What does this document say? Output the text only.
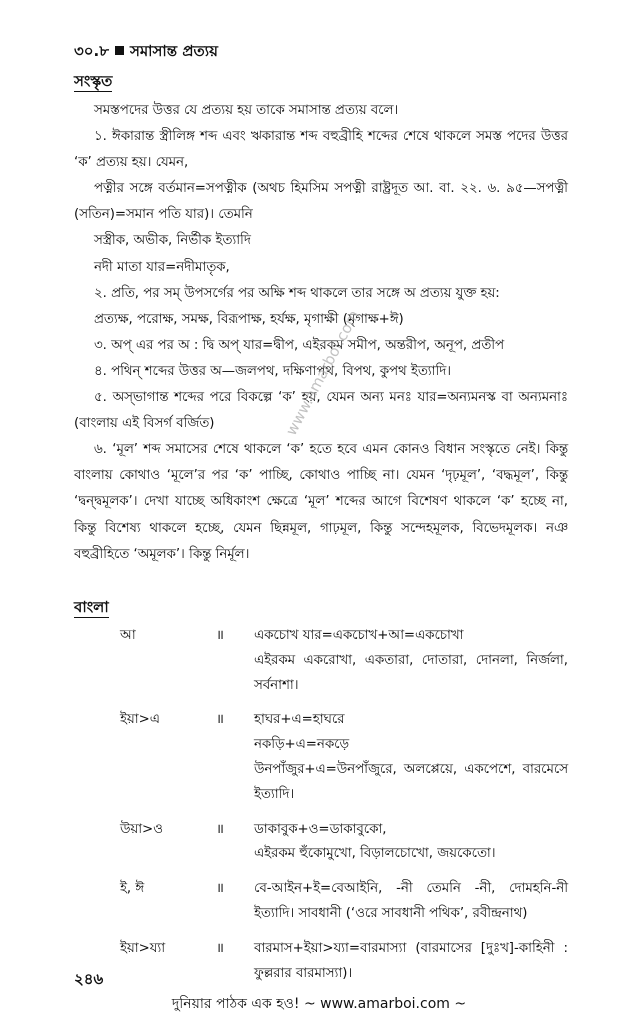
৩০.৮ সমাসান্ত প্রত্যয়
সংস্কৃত

সমস্তপদের উত্তর যে প্রত্যয় হয় তাকে সমাসান্ত প্রত্যয় বলে।

১. ঈকারান্ত স্ত্রীলিঙ্গ শব্দ এবং ঋকারান্ত শব্দ বহুব্রীহি শব্দের শেষে থাকলে সমস্ত পদের উত্তর ‘ক’ প্রত্যয় হয়। যেমন,

পত্নীর সঙ্গে বর্তমান=সপত্নীক (অথচ হিমসিম সপত্নী রাষ্ট্রদূত আ. বা. ২২. ৬. ৯৫—সপত্নী (সতিন)=সমান পতি যার)। তেমনি

সস্ত্রীক, অভীক, নির্ভীক ইত্যাদি

নদী মাতা যার=নদীমাতৃক,

২. প্রতি, পর সম্ উপসর্গের পর অক্ষি শব্দ থাকলে তার সঙ্গে অ প্রত্যয় যুক্ত হয়:

প্রত্যক্ষ, পরোক্ষ, সমক্ষ, বিরূপাক্ষ, হর্যক্ষ, মৃগাক্ষী (মৃগাক্ষ+ঈ)

৩. অপ্ এর পর অ : দ্বি অপ্ যার=দ্বীপ, এইরকম সমীপ, অন্তরীপ, অনূপ, প্রতীপ

৪. পথিন্ শব্দের উত্তর অ—জলপথ, দক্ষিণাপথ, বিপথ, কুপথ ইত্যাদি।

৫. অস্ভাগান্ত শব্দের পরে বিকল্পে ‘ক’ হয়, যেমন অন্য মনঃ যার=অন্যমনস্ক বা অন্যমনাঃ (বাংলায় এই বিসর্গ বর্জিত)

৬. ‘মূল’ শব্দ সমাসের শেষে থাকলে ‘ক’ হতে হবে এমন কোনও বিধান সংস্কৃতে নেই। কিন্তু বাংলায় কোথাও ‘মূলে’র পর ‘ক’ পাচ্ছি, কোথাও পাচ্ছি না। যেমন ‘দৃঢ়মূল’, ‘বদ্ধমূল’, কিন্তু ‘দ্বন্দ্বমূলক’। দেখা যাচ্ছে অধিকাংশ ক্ষেত্রে ‘মূল’ শব্দের আগে বিশেষণ থাকলে ‘ক’ হচ্ছে না, কিন্তু বিশেষ্য থাকলে হচ্ছে, যেমন ছিন্নমূল, গাঢ়মূল, কিন্তু সন্দেহমূলক, বিভেদমূলক। নঞ বহুব্রীহিতে ‘অমূলক’। কিন্তু নির্মূল।

বাংলা
আ	॥	একচোখ যার=একচোখ+আ=একচোখা
এইরকম একরোখা, একতারা, দোতারা, দোনলা, নির্জলা, সর্বনাশা।
ইয়া>এ	॥	হাঘর+এ=হাঘরে
নকড়ি+এ=নকড়ে
উনপাঁজুর+এ=উনপাঁজুরে, অলপ্পেয়ে, একপেশে, বারমেসে ইত্যাদি।
উয়া>ও	॥	ডাকাবুক+ও=ডাকাবুকো,
এইরকম হুঁকোমুখো, বিড়ালচোখো, জয়কেতো।
ই, ঈ	॥	বে-আইন+ই=বেআইনি, -নী তেমনি -নী, দোমহনি-নী ইত্যাদি। সাবধানী (‘ওরে সাবধানী পথিক’, রবীন্দ্রনাথ)
ইয়া>য্যা	॥	বারমাস+ইয়া>য্যা=বারমাস্যা (বারমাসের [দুঃখ]-কাহিনী : ফুল্লরার বারমাস্যা)।
২৪৬
দুনিয়ার পাঠক এক হও! ~ www.amarboi.com ~
www.amarboi.com
